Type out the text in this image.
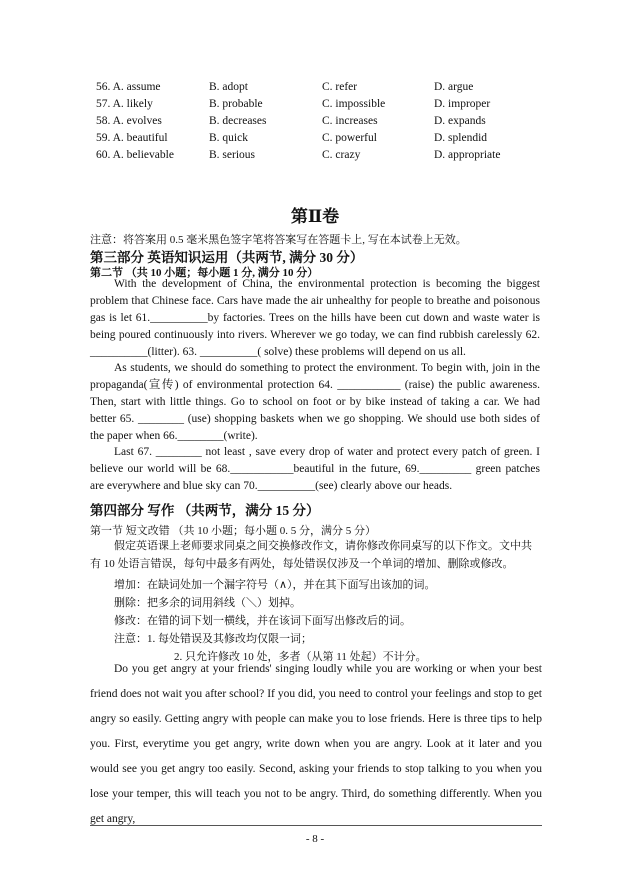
56. A. assume	B. adopt	C. refer	D. argue
57. A. likely	B. probable	C. impossible	D. improper
58. A. evolves	B. decreases	C. increases	D. expands
59. A. beautiful	B. quick	C. powerful	D. splendid
60. A. believable	B. serious	C. crazy	D. appropriate
第Ⅱ卷
注意：将答案用 0.5 毫米黑色签字笔将答案写在答题卡上, 写在本试卷上无效。
第三部分 英语知识运用（共两节, 满分 30 分）
第二节 （共 10 小题；每小题 1 分, 满分 10 分）
With the development of China, the environmental protection is becoming the biggest problem that Chinese face. Cars have made the air unhealthy for people to breathe and poisonous gas is let 61.__________by factories. Trees on the hills have been cut down and waste water is being poured continuously into rivers. Wherever we go today, we can find rubbish carelessly 62. __________(litter). 63. __________( solve) these problems will depend on us all.
As students, we should do something to protect the environment. To begin with, join in the propaganda(宣传) of environmental protection 64. ___________ (raise) the public awareness. Then, start with little things. Go to school on foot or by bike instead of taking a car. We had better 65. ________ (use) shopping baskets when we go shopping. We should use both sides of the paper when 66.________(write).
Last 67. ________ not least , save every drop of water and protect every patch of green. I believe our world will be 68.___________beautiful in the future, 69._________ green patches are everywhere and blue sky can 70.__________(see) clearly above our heads.
第四部分 写作 （共两节，满分 15 分）
第一节 短文改错 （共 10 小题；每小题 0. 5 分，满分 5 分）
假定英语课上老师要求同桌之间交换修改作文，请你修改你同桌写的以下作文。文中共有 10 处语言错误，每句中最多有两处，每处错误仅涉及一个单词的增加、删除或修改。
增加：在缺词处加一个漏字符号（∧），并在其下面写出该加的词。
删除：把多余的词用斜线（＼）划掉。
修改：在错的词下划一横线，并在该词下面写出修改后的词。
注意：1. 每处错误及其修改均仅限一词；
2. 只允许修改 10 处，多者（从第 11 处起）不计分。
Do you get angry at your friends' singing loudly while you are working or when your best friend does not wait you after school? If you did, you need to control your feelings and stop to get angry so easily. Getting angry with people can make you to lose friends. Here is three tips to help you. First, everytime you get angry, write down when you are angry. Look at it later and you would see you get angry too easily. Second, asking your friends to stop talking to you when you lose your temper, this will teach you not to be angry. Third, do something differently. When you get angry,
- 8 -
